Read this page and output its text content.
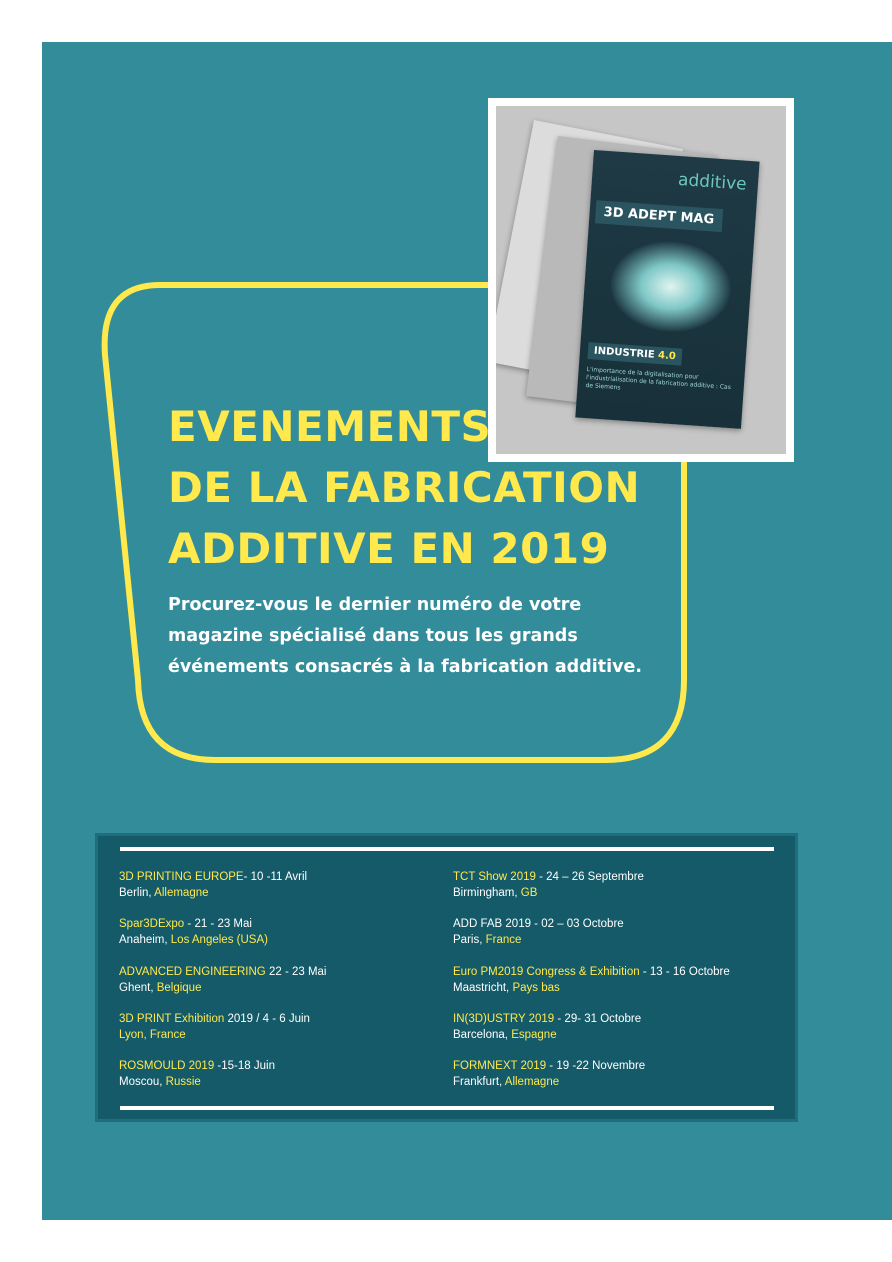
additive
3D ADEPT MAG
INDUSTRIE 4.0
L'importance de la digitalisation pour l'industrialisation de la fabrication additive : Cas de Siemens
EVENEMENTS
DE LA FABRICATION
ADDITIVE EN 2019

Procurez-vous le dernier numéro de votre
magazine spécialisé dans tous les grands
événements consacrés à la fabrication additive.

3D PRINTING EUROPE- 10 -11 Avril
Berlin, Allemagne
Spar3DExpo - 21 - 23 Mai
Anaheim, Los Angeles (USA)
ADVANCED ENGINEERING 22 - 23 Mai
Ghent, Belgique
3D PRINT Exhibition 2019 / 4 - 6 Juin
Lyon, France
ROSMOULD 2019 -15-18 Juin
Moscou, Russie
TCT Show 2019 - 24 – 26 Septembre
Birmingham, GB
ADD FAB 2019 - 02 – 03 Octobre
Paris, France
Euro PM2019 Congress & Exhibition - 13 - 16 Octobre
Maastricht, Pays bas
IN(3D)USTRY 2019 - 29- 31 Octobre
Barcelona, Espagne
FORMNEXT 2019 - 19 -22 Novembre
Frankfurt, Allemagne
